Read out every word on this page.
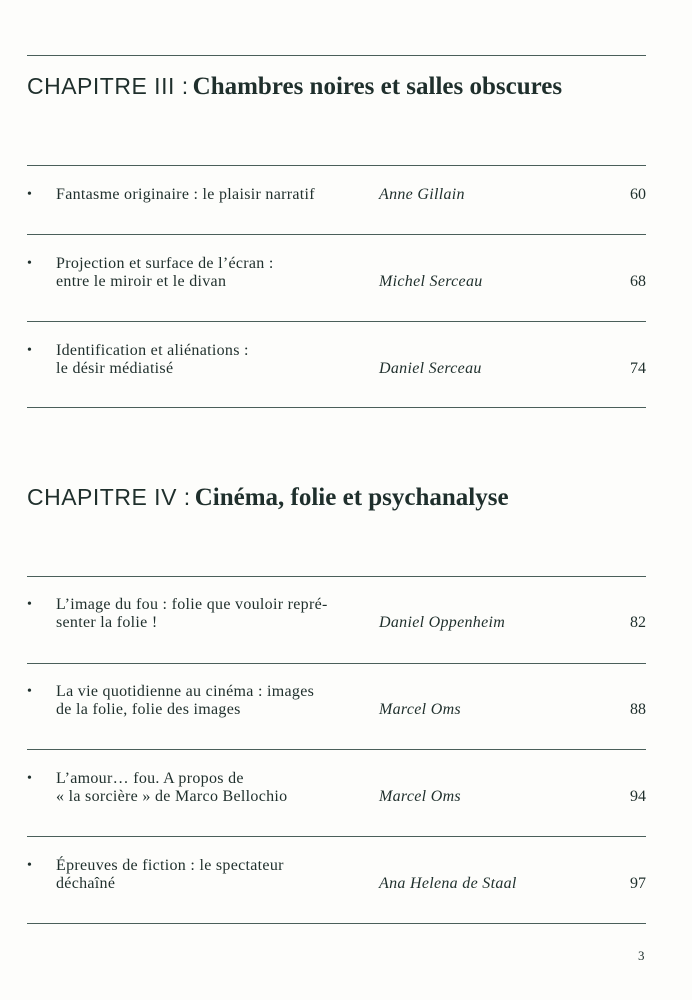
CHAPITRE III : Chambres noires et salles obscures
• Fantasme originaire : le plaisir narratif	Anne Gillain	60
• Projection et surface de l’écran :
entre le miroir et le divan	Michel Serceau	68
• Identification et aliénations :
le désir médiatisé	Daniel Serceau	74
CHAPITRE IV : Cinéma, folie et psychanalyse
• L’image du fou : folie que vouloir repré-
senter la folie !	Daniel Oppenheim	82
• La vie quotidienne au cinéma : images
de la folie, folie des images	Marcel Oms	88
• L’amour… fou. A propos de
« la sorcière » de Marco Bellochio	Marcel Oms	94
• Épreuves de fiction : le spectateur
déchaîné	Ana Helena de Staal	97
3
